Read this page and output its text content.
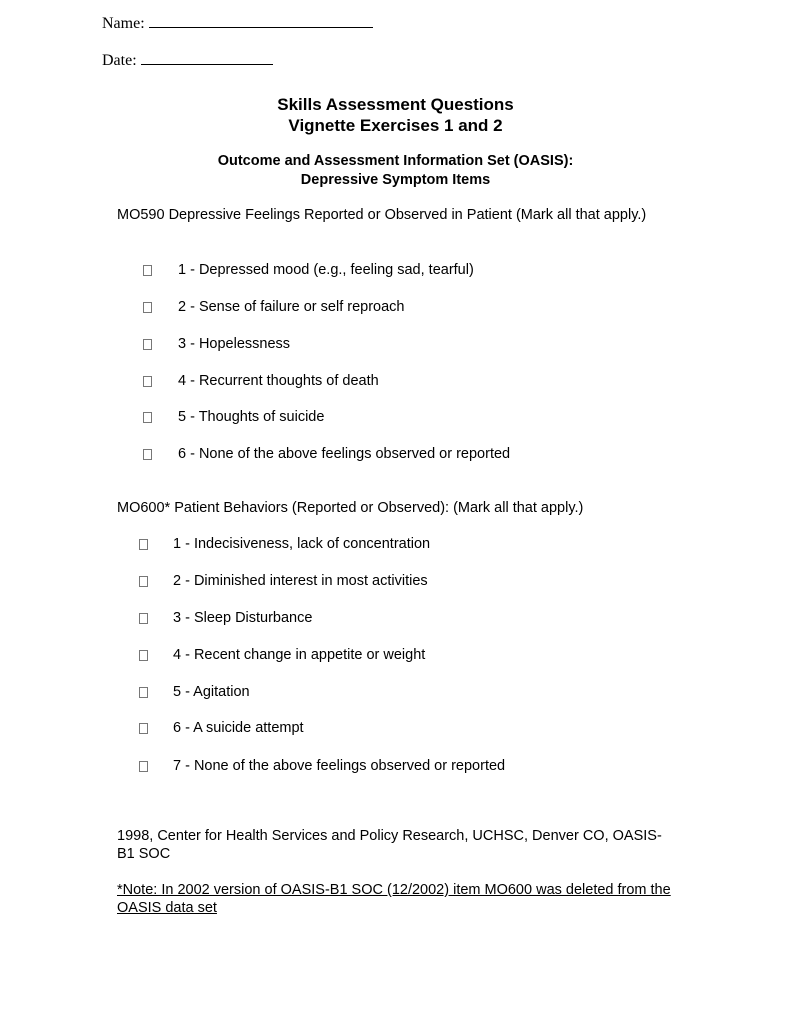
Name:
Date:
Skills Assessment Questions
Vignette Exercises 1 and 2
Outcome and Assessment Information Set (OASIS):
Depressive Symptom Items
MO590 Depressive Feelings Reported or Observed in Patient (Mark all that apply.)
1 - Depressed mood (e.g., feeling sad, tearful)
2 - Sense of failure or self reproach
3 - Hopelessness
4 - Recurrent thoughts of death
5 - Thoughts of suicide
6 - None of the above feelings observed or reported
MO600* Patient Behaviors (Reported or Observed): (Mark all that apply.)
1 - Indecisiveness, lack of concentration
2 - Diminished interest in most activities
3 - Sleep Disturbance
4 - Recent change in appetite or weight
5 - Agitation
6 - A suicide attempt
7 - None of the above feelings observed or reported
1998, Center for Health Services and Policy Research, UCHSC, Denver CO, OASIS-B1 SOC
*Note: In 2002 version of OASIS-B1 SOC (12/2002) item MO600 was deleted from the OASIS data set
